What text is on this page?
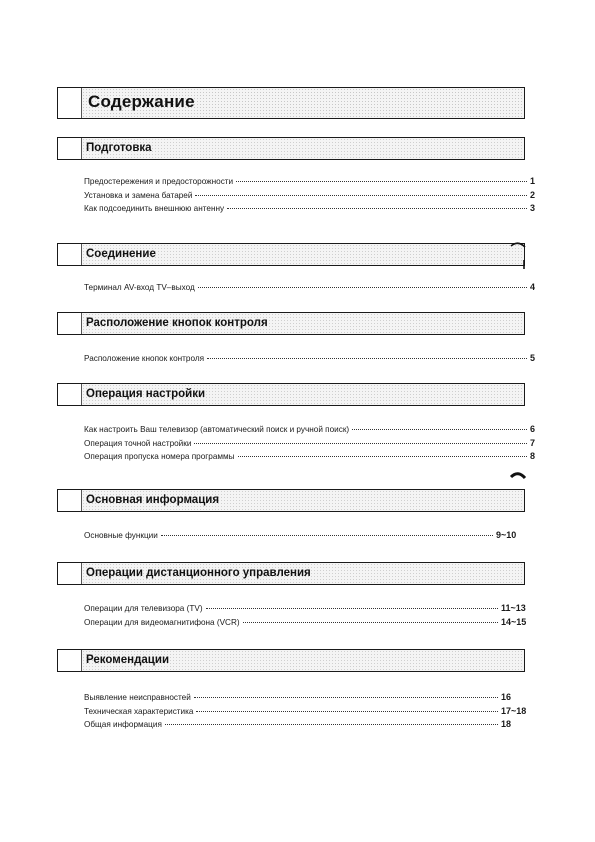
Содержание
Подготовка
Предостережения и предосторожности	1
Установка и замена батарей	2
Как подсоединить внешнюю антенну	3
Соединение
Терминал AV-вход TV–выход	4
Расположение кнопок контроля
Расположение кнопок контроля	5
Операция настройки
Как настроить Ваш телевизор (автоматический поиск и ручной поиск)	6
Операция точной настройки	7
Операция пропуска номера программы	8
Основная информация
Основные функции	9~10
Операции дистанционного управления
Операции для телевизора (TV)	11~13
Операции для видеомагнитифона (VCR)	14~15
Рекомендации
Выявление неисправностей	16
Техническая характеристика	17~18
Общая информация	18
